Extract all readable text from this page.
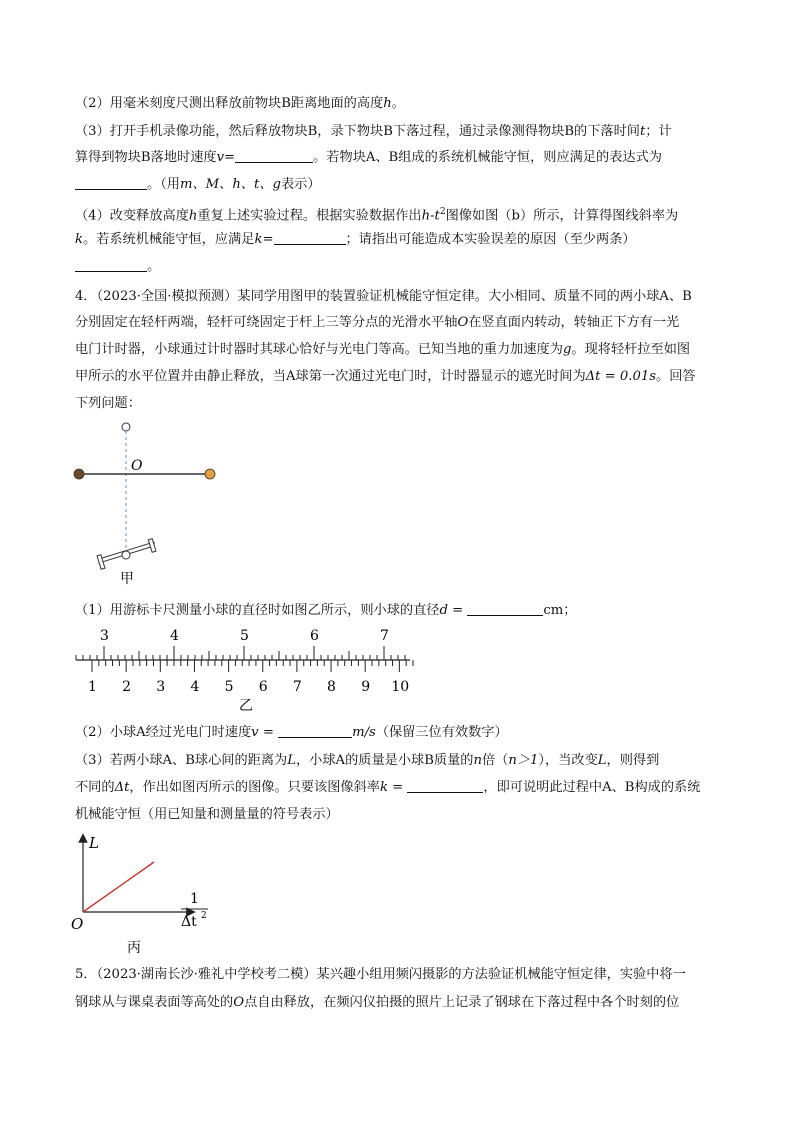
（2）用毫米刻度尺测出释放前物块B距离地面的高度h。
（3）打开手机录像功能，然后释放物块B，录下物块B下落过程，通过录像测得物块B的下落时间t；计
算得到物块B落地时速度v=	。若物块A、B组成的系统机械能守恒，则应满足的表达式为
。（用m、M、h、t、g表示）
（4）改变释放高度h重复上述实验过程。根据实验数据作出$h-t^2$图像如图（b）所示，计算得图线斜率为
k。若系统机械能守恒，应满足k=	；请指出可能造成本实验误差的原因（至少两条）
。
4．（2023·全国·模拟预测）某同学用图甲的装置验证机械能守恒定律。大小相同、质量不同的两小球A、B
分别固定在轻杆两端，轻杆可绕固定于杆上三等分点的光滑水平轴O在竖直面内转动，转轴正下方有一光
电门计时器，小球通过计时器时其球心恰好与光电门等高。已知当地的重力加速度为g。现将轻杆拉至如图
甲所示的水平位置并由静止释放，当A球第一次通过光电门时，计时器显示的遮光时间为Δt = 0.01s。回答
下列问题：
O
甲
（1）用游标卡尺测量小球的直径时如图乙所示，则小球的直径d =	cm；
3	4	5	6	7
1 2 3 4 5 6 7 8 9 10
乙
（2）小球A经过光电门时速度v =	m/s（保留三位有效数字）
（3）若两小球A、B球心间的距离为L，小球A的质量是小球B质量的n倍（n＞1），当改变L，则得到
不同的Δt，作出如图丙所示的图像。只要该图像斜率k =	，即可说明此过程中A、B构成的系统
机械能守恒（用已知量和测量量的符号表示）
L
O
1
Δt 2
丙
5．（2023·湖南长沙·雅礼中学校考二模）某兴趣小组用频闪摄影的方法验证机械能守恒定律，实验中将一
钢球从与课桌表面等高处的O点自由释放，在频闪仪拍摄的照片上记录了钢球在下落过程中各个时刻的位
